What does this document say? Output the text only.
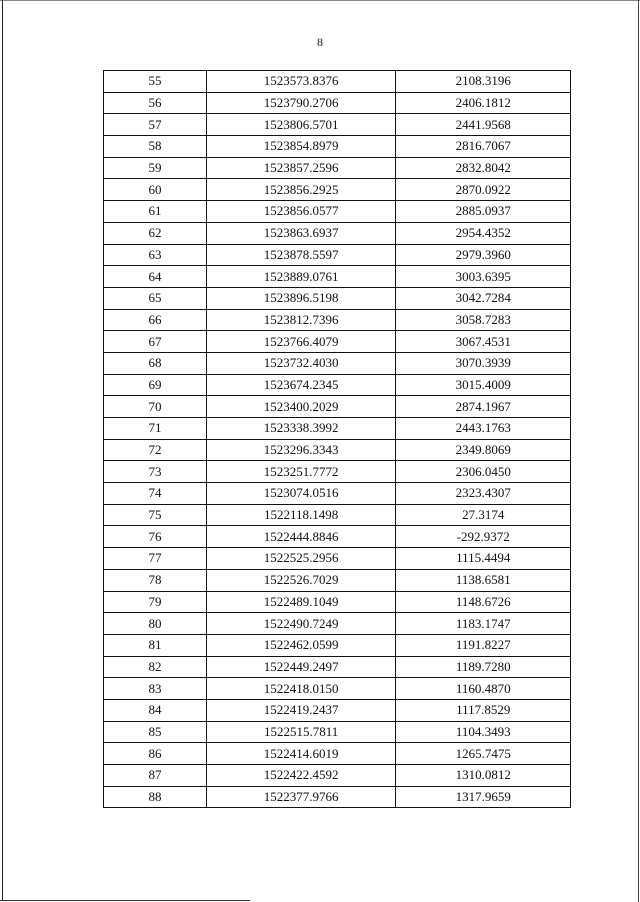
8
55	1523573.8376	2108.3196
56	1523790.2706	2406.1812
57	1523806.5701	2441.9568
58	1523854.8979	2816.7067
59	1523857.2596	2832.8042
60	1523856.2925	2870.0922
61	1523856.0577	2885.0937
62	1523863.6937	2954.4352
63	1523878.5597	2979.3960
64	1523889.0761	3003.6395
65	1523896.5198	3042.7284
66	1523812.7396	3058.7283
67	1523766.4079	3067.4531
68	1523732.4030	3070.3939
69	1523674.2345	3015.4009
70	1523400.2029	2874.1967
71	1523338.3992	2443.1763
72	1523296.3343	2349.8069
73	1523251.7772	2306.0450
74	1523074.0516	2323.4307
75	1522118.1498	27.3174
76	1522444.8846	-292.9372
77	1522525.2956	1115.4494
78	1522526.7029	1138.6581
79	1522489.1049	1148.6726
80	1522490.7249	1183.1747
81	1522462.0599	1191.8227
82	1522449.2497	1189.7280
83	1522418.0150	1160.4870
84	1522419.2437	1117.8529
85	1522515.7811	1104.3493
86	1522414.6019	1265.7475
87	1522422.4592	1310.0812
88	1522377.9766	1317.9659
